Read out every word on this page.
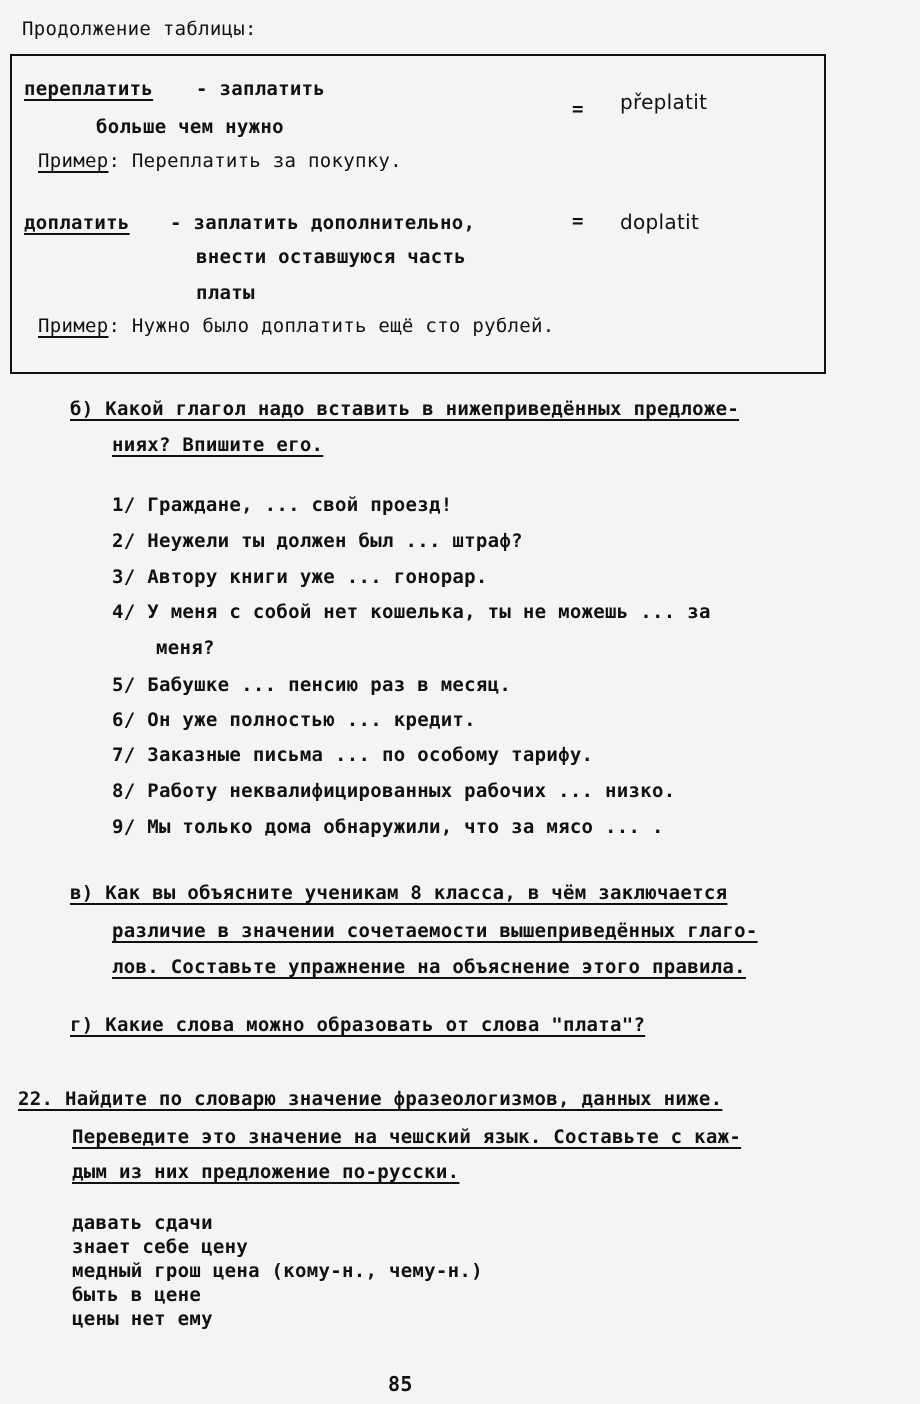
Продолжение таблицы:
переплатить - заплатить
больше чем нужно
= přeplatit
Пример: Переплатить за покупку.
доплатить - заплатить дополнительно,
внести оставшуюся часть
платы
= doplatit
Пример: Нужно было доплатить ещё сто рублей.
б) Какой глагол надо вставить в нижеприведённых предложе-
ниях? Впишите его.
1/ Граждане, ... свой проезд!
2/ Неужели ты должен был ... штраф?
3/ Автору книги уже ... гонорар.
4/ У меня с собой нет кошелька, ты не можешь ... за
меня?
5/ Бабушке ... пенсию раз в месяц.
6/ Он уже полностью ... кредит.
7/ Заказные письма ... по особому тарифу.
8/ Работу неквалифицированных рабочих ... низко.
9/ Мы только дома обнаружили, что за мясо ... .
в) Как вы объясните ученикам 8 класса, в чём заключается
различие в значении сочетаемости вышеприведённых глаго-
лов. Составьте упражнение на объяснение этого правила.
г) Какие слова можно образовать от слова "плата"?
22. Найдите по словарю значение фразеологизмов, данных ниже.
Переведите это значение на чешский язык. Составьте с каж-
дым из них предложение по-русски.
давать сдачи
знает себе цену
медный грош цена (кому-н., чему-н.)
быть в цене
цены нет ему
85
